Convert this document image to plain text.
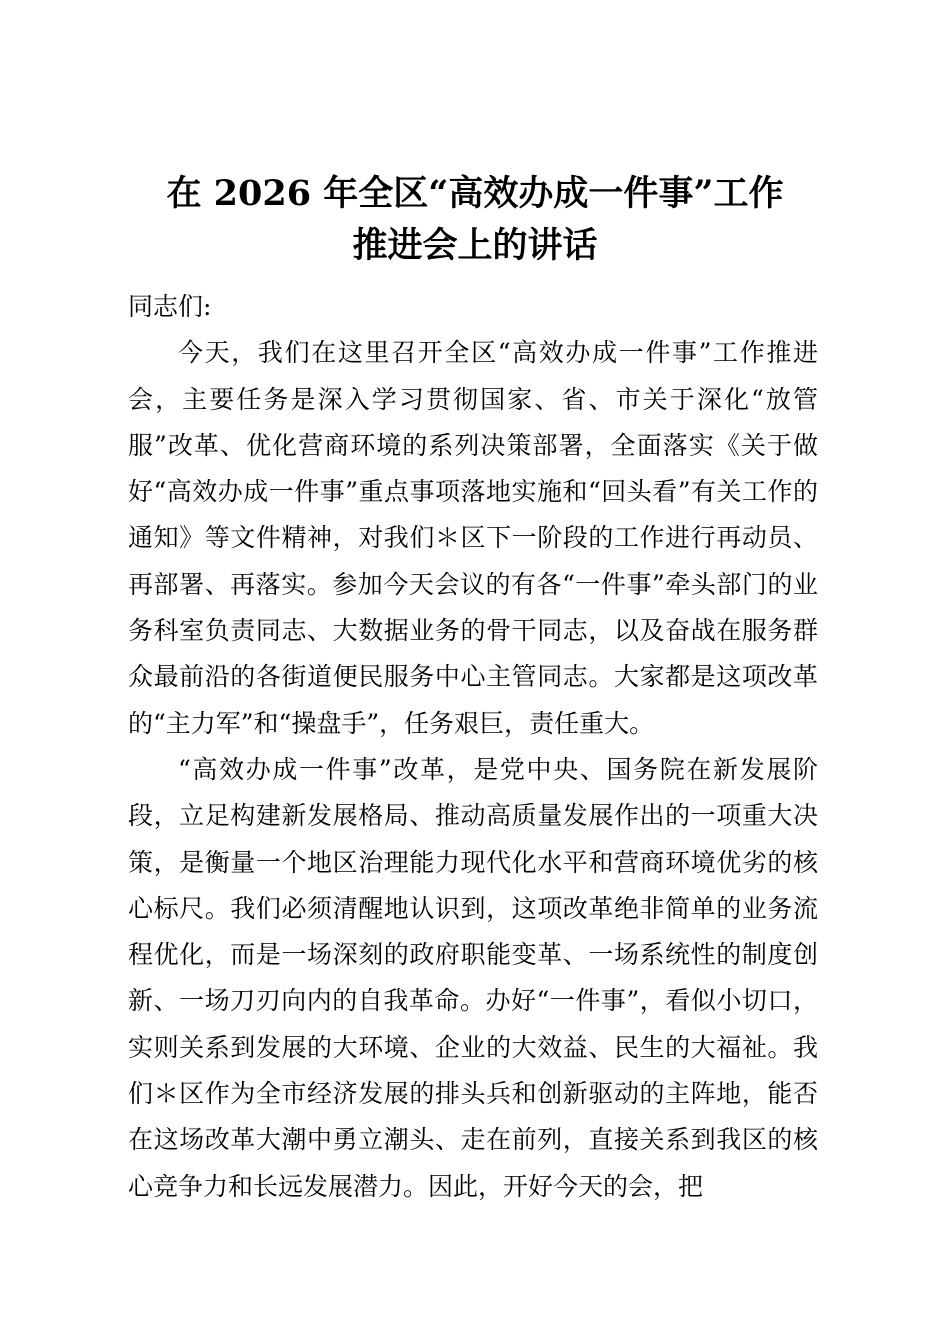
在 2026 年全区“高效办成一件事”工作
推进会上的讲话

同志们:

今天，我们在这里召开全区“高效办成一件事”工作推进会，主要任务是深入学习贯彻国家、省、市关于深化“放管服”改革、优化营商环境的系列决策部署，全面落实《关于做好“高效办成一件事”重点事项落地实施和“回头看”有关工作的通知》等文件精神，对我们＊区下一阶段的工作进行再动员、再部署、再落实。参加今天会议的有各“一件事”牵头部门的业务科室负责同志、大数据业务的骨干同志，以及奋战在服务群众最前沿的各街道便民服务中心主管同志。大家都是这项改革的“主力军”和“操盘手”，任务艰巨，责任重大。

“高效办成一件事”改革，是党中央、国务院在新发展阶段，立足构建新发展格局、推动高质量发展作出的一项重大决策，是衡量一个地区治理能力现代化水平和营商环境优劣的核心标尺。我们必须清醒地认识到，这项改革绝非简单的业务流程优化，而是一场深刻的政府职能变革、一场系统性的制度创新、一场刀刃向内的自我革命。办好“一件事”，看似小切口，实则关系到发展的大环境、企业的大效益、民生的大福祉。我们＊区作为全市经济发展的排头兵和创新驱动的主阵地，能否在这场改革大潮中勇立潮头、走在前列，直接关系到我区的核心竞争力和长远发展潜力。因此，开好今天的会，把
